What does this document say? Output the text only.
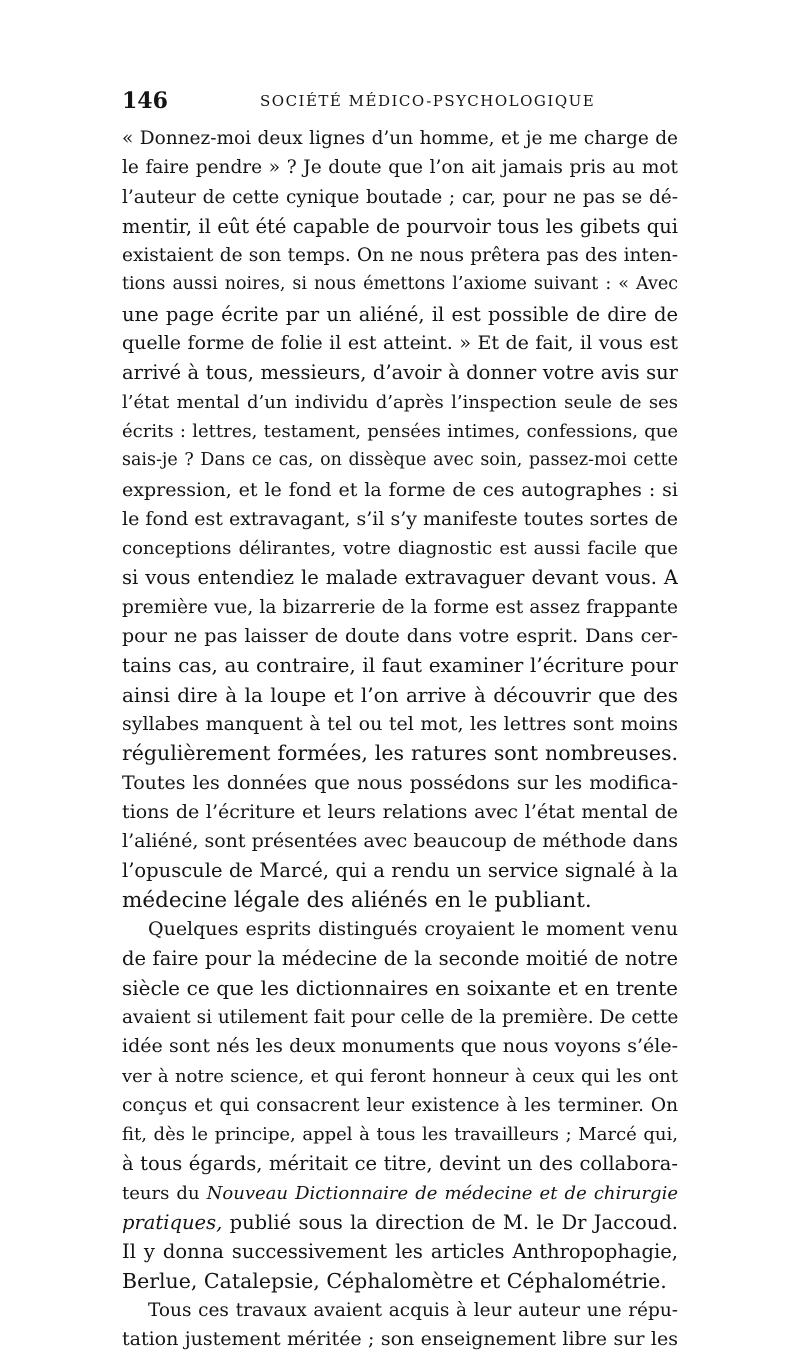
146	SOCIÉTÉ MÉDICO-PSYCHOLOGIQUE
« Donnez-moi deux lignes d’un homme, et je me charge de
le faire pendre » ? Je doute que l’on ait jamais pris au mot
l’auteur de cette cynique boutade ; car, pour ne pas se dé-
mentir, il eût été capable de pourvoir tous les gibets qui
existaient de son temps. On ne nous prêtera pas des inten-
tions aussi noires, si nous émettons l’axiome suivant : « Avec
une page écrite par un aliéné, il est possible de dire de
quelle forme de folie il est atteint. » Et de fait, il vous est
arrivé à tous, messieurs, d’avoir à donner votre avis sur
l’état mental d’un individu d’après l’inspection seule de ses
écrits : lettres, testament, pensées intimes, confessions, que
sais-je ? Dans ce cas, on dissèque avec soin, passez-moi cette
expression, et le fond et la forme de ces autographes : si
le fond est extravagant, s’il s’y manifeste toutes sortes de
conceptions délirantes, votre diagnostic est aussi facile que
si vous entendiez le malade extravaguer devant vous. A
première vue, la bizarrerie de la forme est assez frappante
pour ne pas laisser de doute dans votre esprit. Dans cer-
tains cas, au contraire, il faut examiner l’écriture pour
ainsi dire à la loupe et l’on arrive à découvrir que des
syllabes manquent à tel ou tel mot, les lettres sont moins
régulièrement formées, les ratures sont nombreuses.
Toutes les données que nous possédons sur les modifica-
tions de l’écriture et leurs relations avec l’état mental de
l’aliéné, sont présentées avec beaucoup de méthode dans
l’opuscule de Marcé, qui a rendu un service signalé à la
médecine légale des aliénés en le publiant.
Quelques esprits distingués croyaient le moment venu
de faire pour la médecine de la seconde moitié de notre
siècle ce que les dictionnaires en soixante et en trente
avaient si utilement fait pour celle de la première. De cette
idée sont nés les deux monuments que nous voyons s’éle-
ver à notre science, et qui feront honneur à ceux qui les ont
conçus et qui consacrent leur existence à les terminer. On
fit, dès le principe, appel à tous les travailleurs ; Marcé qui,
à tous égards, méritait ce titre, devint un des collabora-
teurs du Nouveau Dictionnaire de médecine et de chirurgie
pratiques, publié sous la direction de M. le Dr Jaccoud.
Il y donna successivement les articles Anthropophagie,
Berlue, Catalepsie, Céphalomètre et Céphalométrie.
Tous ces travaux avaient acquis à leur auteur une répu-
tation justement méritée ; son enseignement libre sur les
